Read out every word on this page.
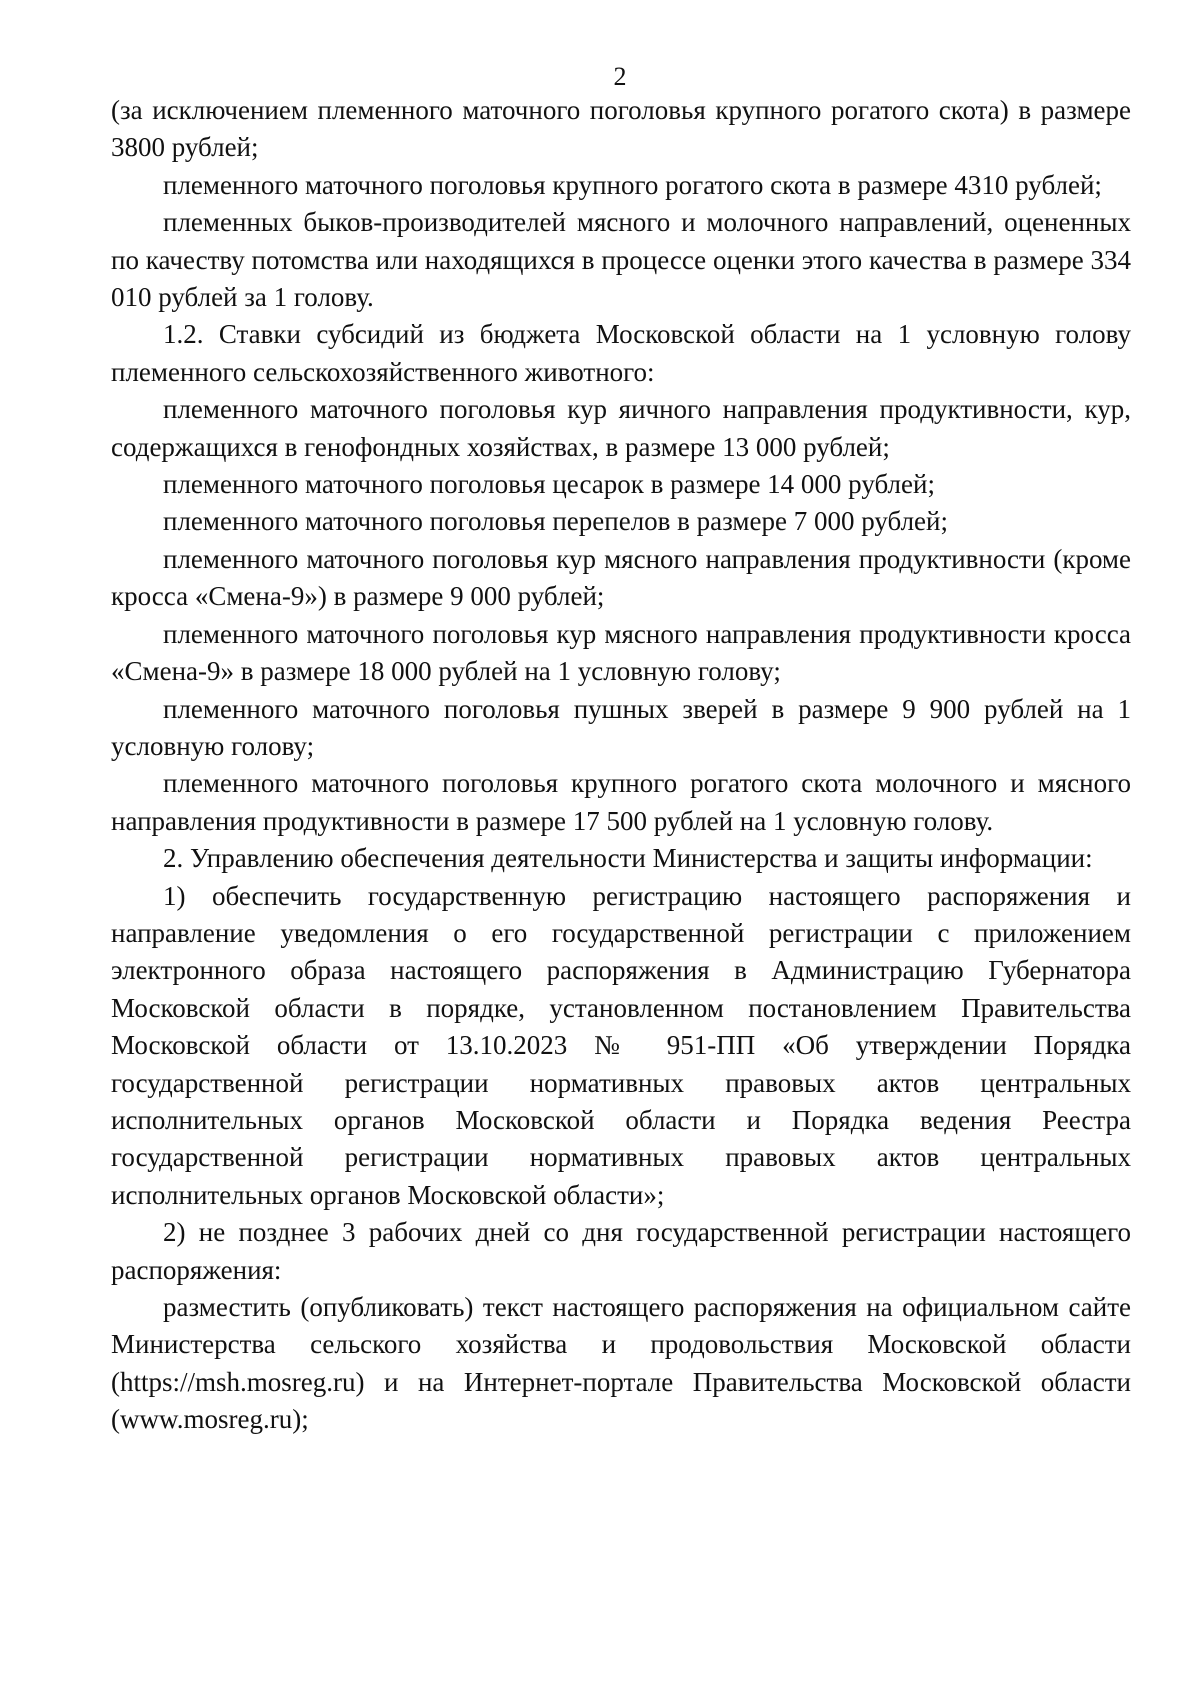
2

(за исключением племенного маточного поголовья крупного рогатого скота) в размере 3800 рублей;

племенного маточного поголовья крупного рогатого скота в размере 4310 рублей;

племенных быков-производителей мясного и молочного направлений, оцененных по качеству потомства или находящихся в процессе оценки этого качества в размере 334 010 рублей за 1 голову.

1.2. Ставки субсидий из бюджета Московской области на 1 условную голову племенного сельскохозяйственного животного:

племенного маточного поголовья кур яичного направления продуктивности, кур, содержащихся в генофондных хозяйствах, в размере 13 000 рублей;

племенного маточного поголовья цесарок в размере 14 000 рублей;

племенного маточного поголовья перепелов в размере 7 000 рублей;

племенного маточного поголовья кур мясного направления продуктивности (кроме кросса «Смена-9») в размере 9 000 рублей;

племенного маточного поголовья кур мясного направления продуктивности кросса «Смена-9» в размере 18 000 рублей на 1 условную голову;

племенного маточного поголовья пушных зверей в размере 9 900 рублей на 1 условную голову;

племенного маточного поголовья крупного рогатого скота молочного и мясного направления продуктивности в размере 17 500 рублей на 1 условную голову.

2. Управлению обеспечения деятельности Министерства и защиты информации:

1) обеспечить государственную регистрацию настоящего распоряжения и направление уведомления о его государственной регистрации с приложением электронного образа настоящего распоряжения в Администрацию Губернатора Московской области в порядке, установленном постановлением Правительства Московской области от 13.10.2023 № 951-ПП «Об утверждении Порядка государственной регистрации нормативных правовых актов центральных исполнительных органов Московской области и Порядка ведения Реестра государственной регистрации нормативных правовых актов центральных исполнительных органов Московской области»;

2) не позднее 3 рабочих дней со дня государственной регистрации настоящего распоряжения:

разместить (опубликовать) текст настоящего распоряжения на официальном сайте Министерства сельского хозяйства и продовольствия Московской области (https://msh.mosreg.ru) и на Интернет-портале Правительства Московской области (www.mosreg.ru);
